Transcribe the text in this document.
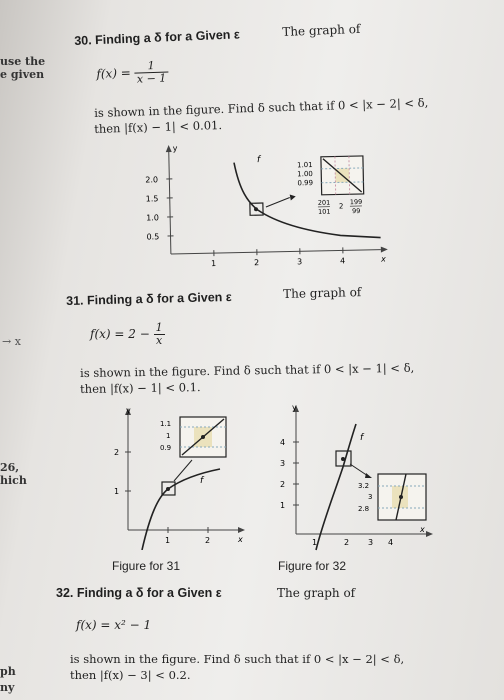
use the
e given
→ x
26,
hich
ph
ny
30. Finding a δ for a Given ε	The graph of
$f(x) = \frac{1}{x - 1}$
is shown in the figure. Find δ such that if 0 < |x − 2| < δ,
then |f(x) − 1| < 0.01.
y
x
2.0
1.5
1.0
0.5
1	2	3	4
f	1.01
1.00
0.99
201
101
2
199
99
31. Finding a δ for a Given ε	The graph of
$f(x) = 2 - \frac{1}{x}$
is shown in the figure. Find δ such that if 0 < |x − 1| < δ,
then |f(x) − 1| < 0.1.
y
x
2
1
1	2
f
1.1
1
0.9
Figure for 31
y
x
4
3
2
1
1	2 3 4
f
3.2
3
2.8
Figure for 32
32. Finding a δ for a Given ε	The graph of
f(x) = x² − 1
is shown in the figure. Find δ such that if 0 < |x − 2| < δ,
then |f(x) − 3| < 0.2.
